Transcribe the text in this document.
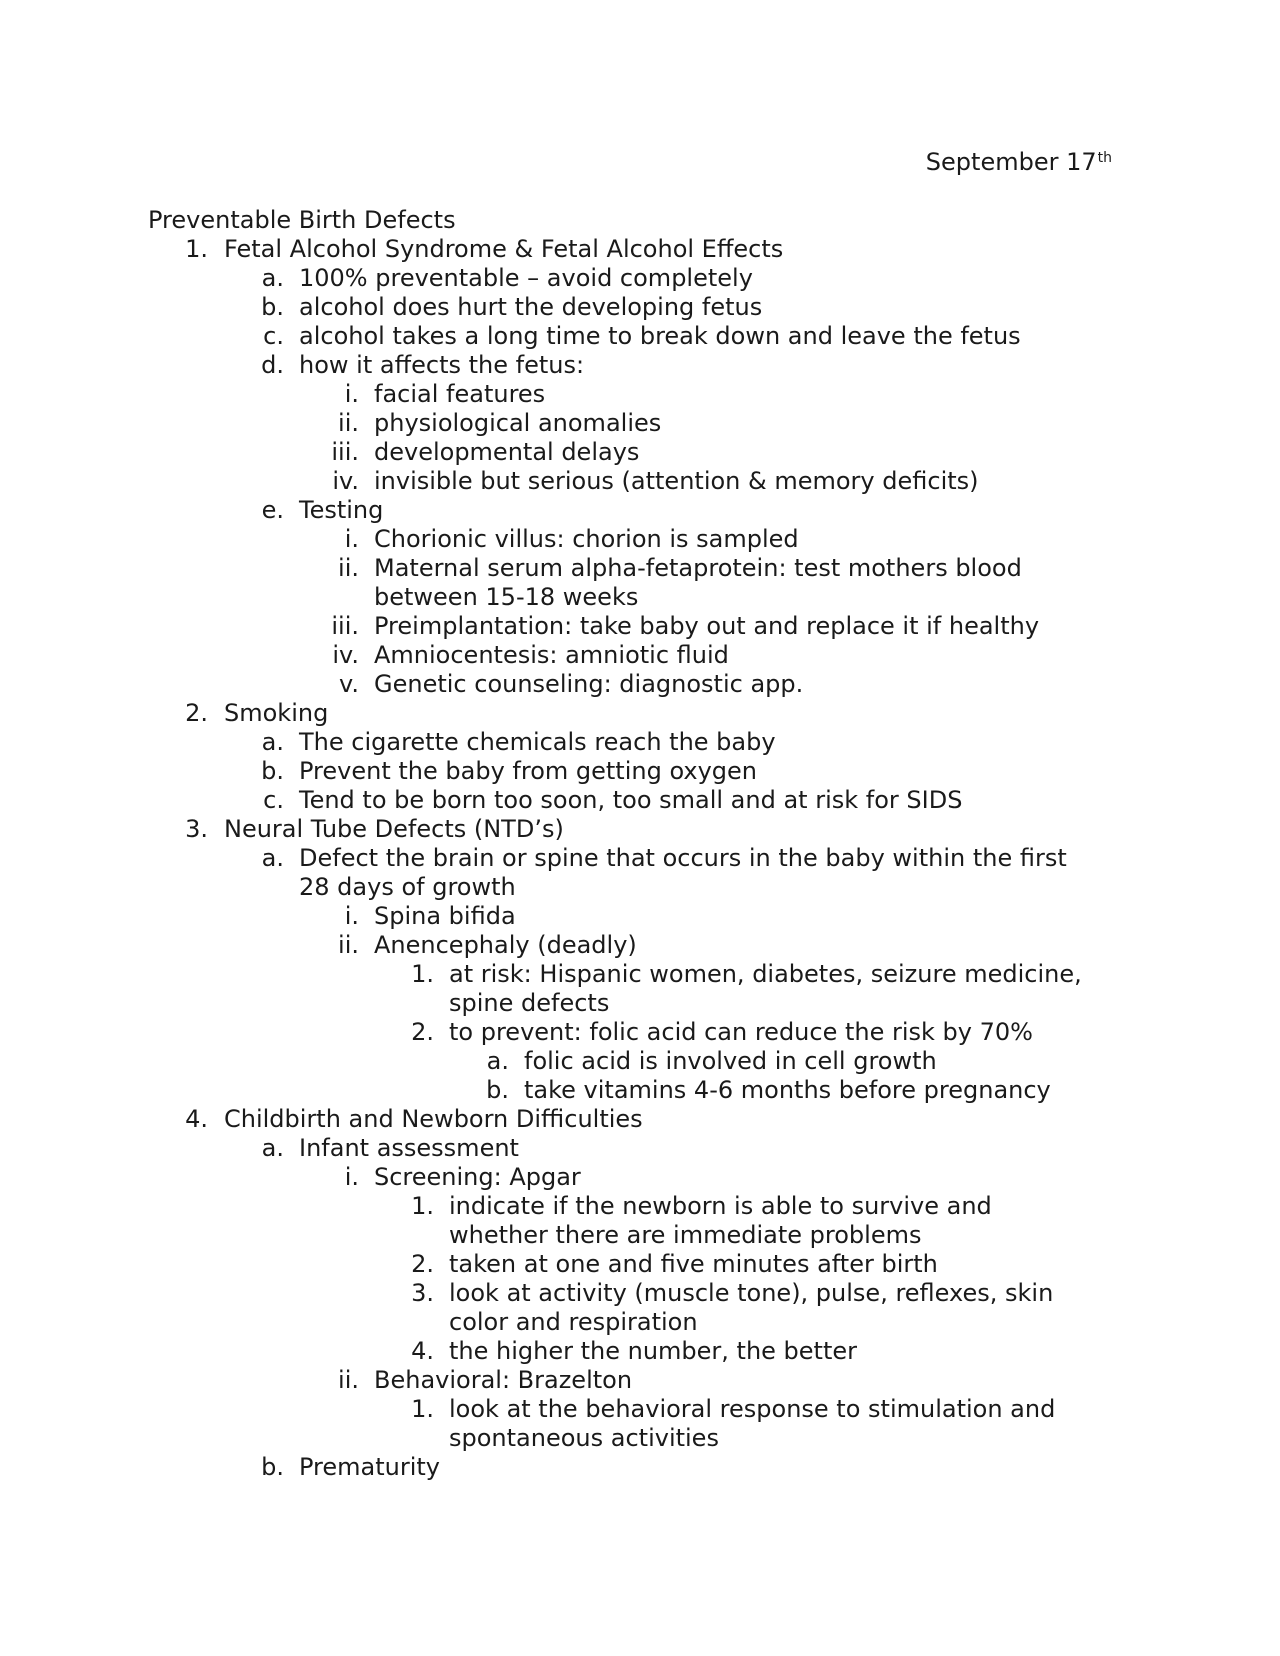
September 17th
Preventable Birth Defects
1. Fetal Alcohol Syndrome & Fetal Alcohol Effects
a. 100% preventable – avoid completely
b. alcohol does hurt the developing fetus
c. alcohol takes a long time to break down and leave the fetus
d. how it affects the fetus:
i. facial features
ii. physiological anomalies
iii. developmental delays
iv. invisible but serious (attention & memory deficits)
e. Testing
i. Chorionic villus: chorion is sampled
ii. Maternal serum alpha-fetaprotein: test mothers blood
between 15-18 weeks
iii. Preimplantation: take baby out and replace it if healthy
iv. Amniocentesis: amniotic fluid
v. Genetic counseling: diagnostic app.
2. Smoking
a. The cigarette chemicals reach the baby
b. Prevent the baby from getting oxygen
c. Tend to be born too soon, too small and at risk for SIDS
3. Neural Tube Defects (NTD’s)
a. Defect the brain or spine that occurs in the baby within the first
28 days of growth
i. Spina bifida
ii. Anencephaly (deadly)
1. at risk: Hispanic women, diabetes, seizure medicine,
spine defects
2. to prevent: folic acid can reduce the risk by 70%
a. folic acid is involved in cell growth
b. take vitamins 4-6 months before pregnancy
4. Childbirth and Newborn Difficulties
a. Infant assessment
i. Screening: Apgar
1. indicate if the newborn is able to survive and
whether there are immediate problems
2. taken at one and five minutes after birth
3. look at activity (muscle tone), pulse, reflexes, skin
color and respiration
4. the higher the number, the better
ii. Behavioral: Brazelton
1. look at the behavioral response to stimulation and
spontaneous activities
b. Prematurity
